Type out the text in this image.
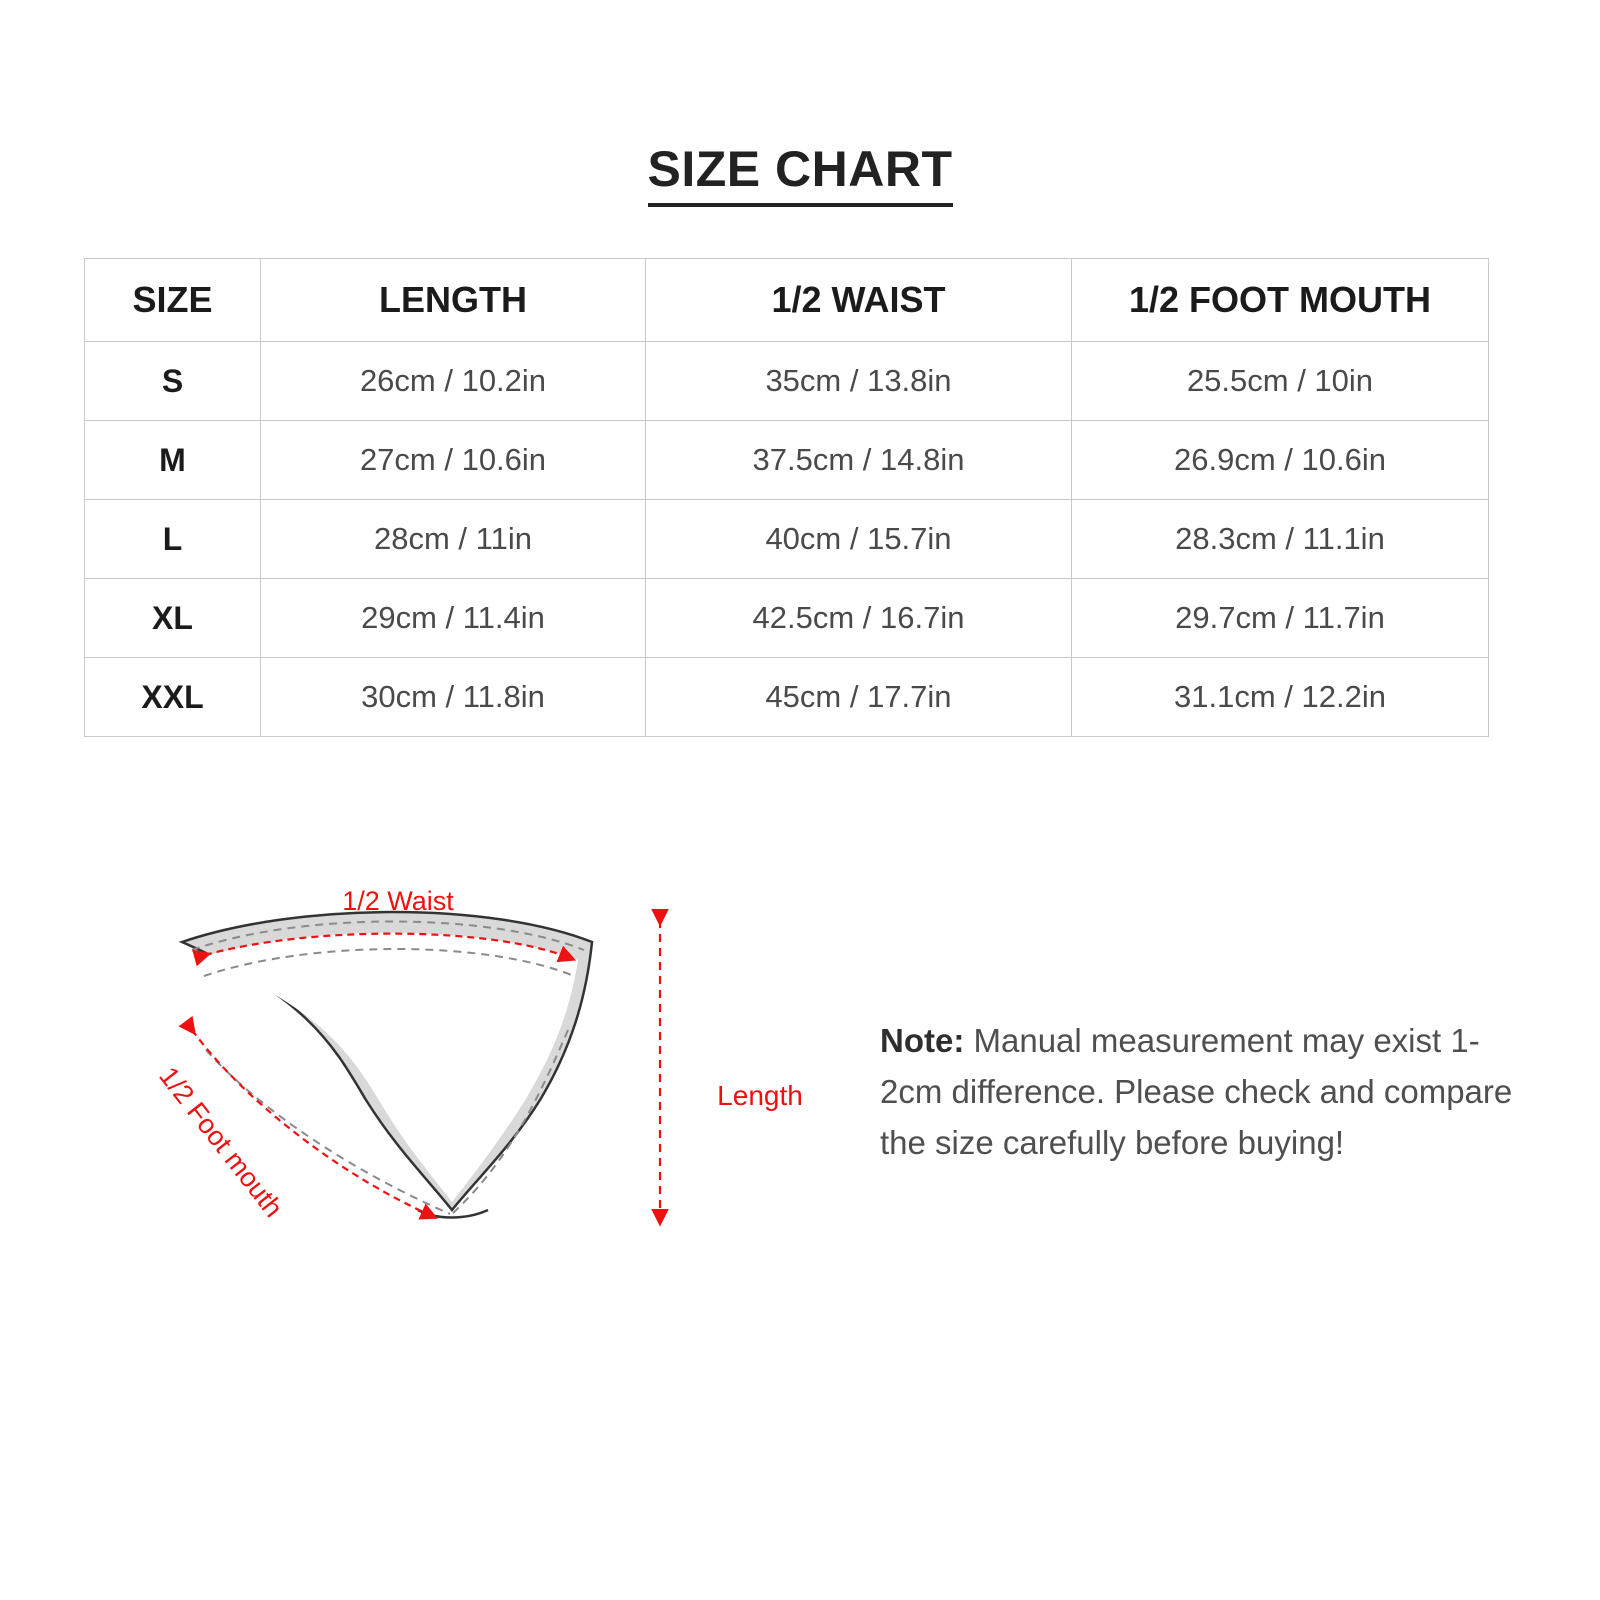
SIZE CHART
SIZE	LENGTH	1/2 WAIST	1/2 FOOT MOUTH
S	26cm / 10.2in	35cm / 13.8in	25.5cm / 10in
M	27cm / 10.6in	37.5cm / 14.8in	26.9cm / 10.6in
L	28cm / 11in	40cm / 15.7in	28.3cm / 11.1in
XL	29cm / 11.4in	42.5cm / 16.7in	29.7cm / 11.7in
XXL	30cm / 11.8in	45cm / 17.7in	31.1cm / 12.2in
1/2 Waist
1/2 Foot mouth	Length
Note: Manual measurement may exist 1-2cm difference. Please check and compare the size carefully before buying!
